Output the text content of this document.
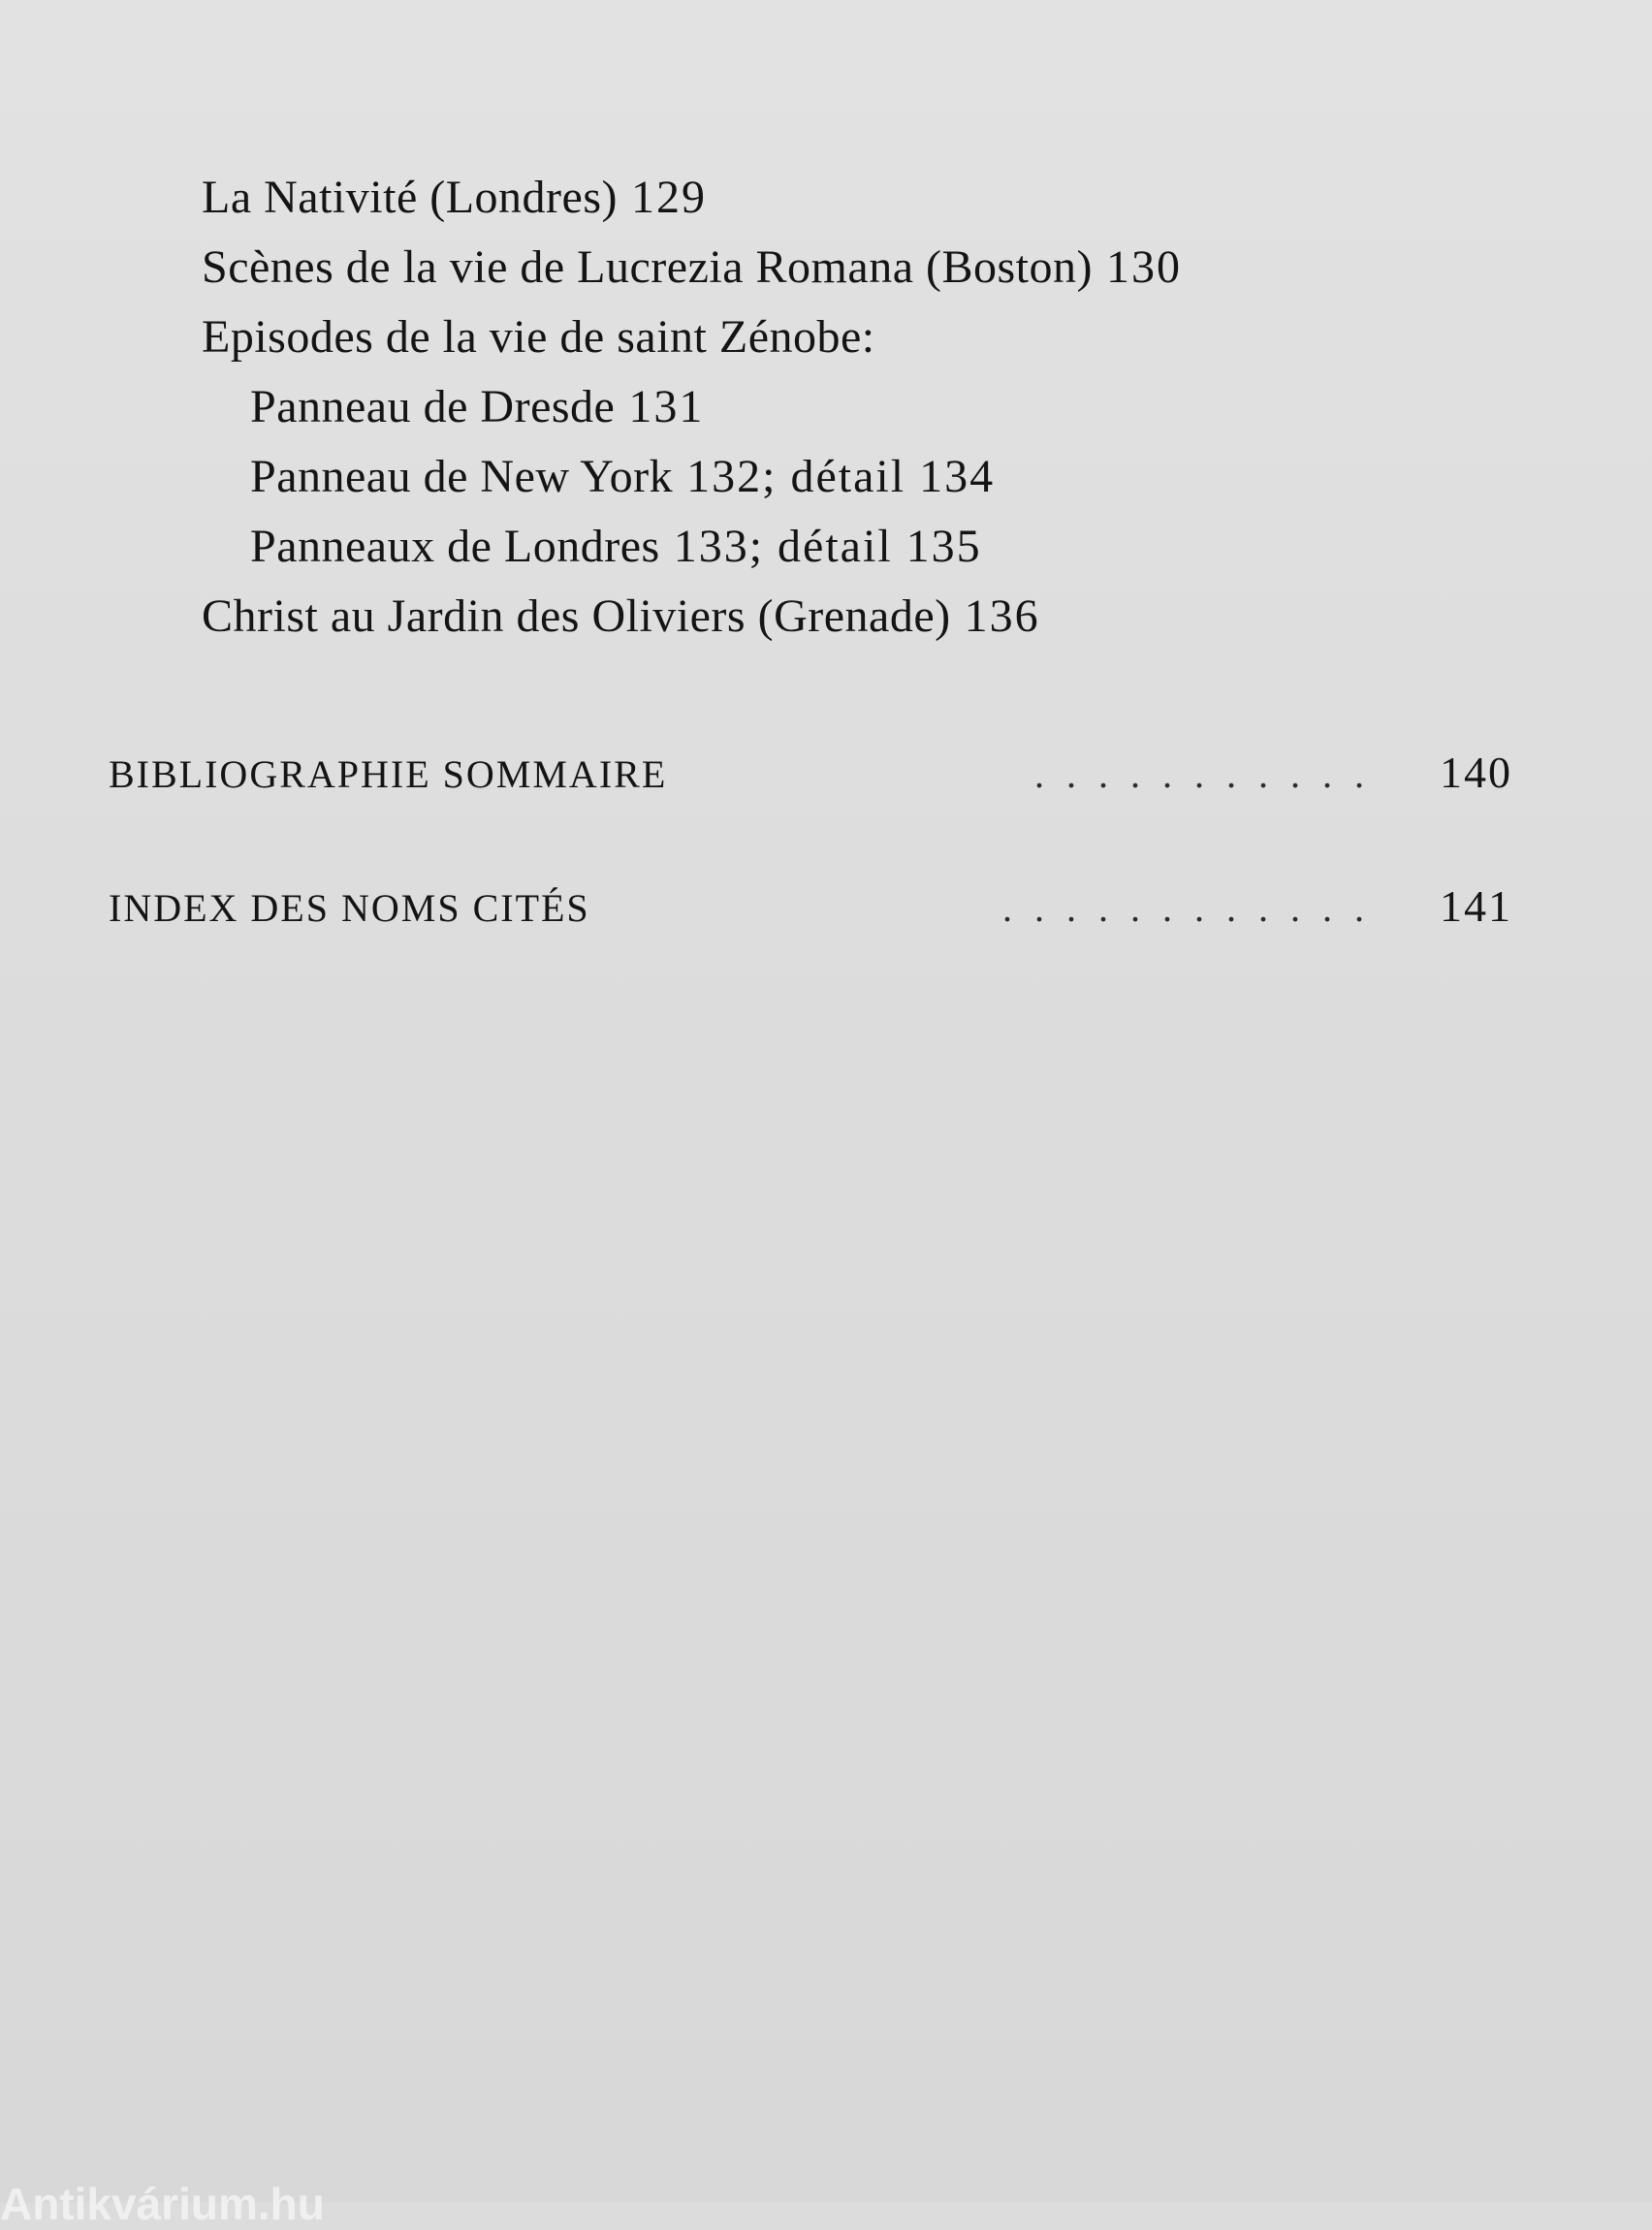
La Nativité (Londres) 129
Scènes de la vie de Lucrezia Romana (Boston) 130
Episodes de la vie de saint Zénobe:
Panneau de Dresde 131
Panneau de New York 132; détail 134
Panneaux de Londres 133; détail 135
Christ au Jardin des Oliviers (Grenade) 136
BIBLIOGRAPHIE SOMMAIRE	...........	140
INDEX DES NOMS CITÉS	............	141
Antikvárium.hu
